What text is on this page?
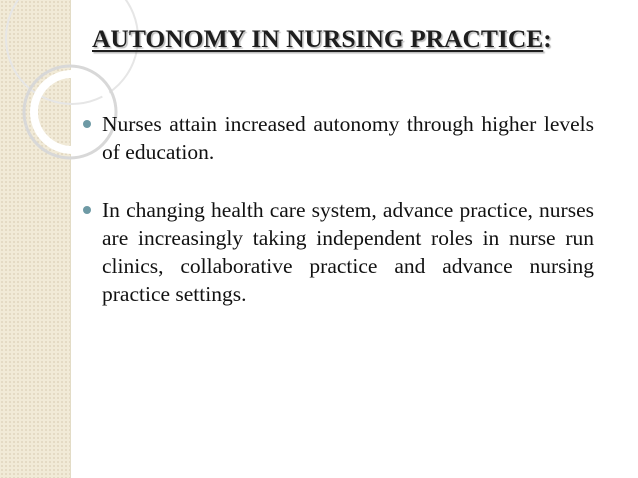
AUTONOMY IN NURSING PRACTICE:
Nurses attain increased autonomy through higher levels of education.
In changing health care system, advance practice, nurses are increasingly taking independent roles in nurse run clinics, collaborative practice and advance nursing practice settings.
